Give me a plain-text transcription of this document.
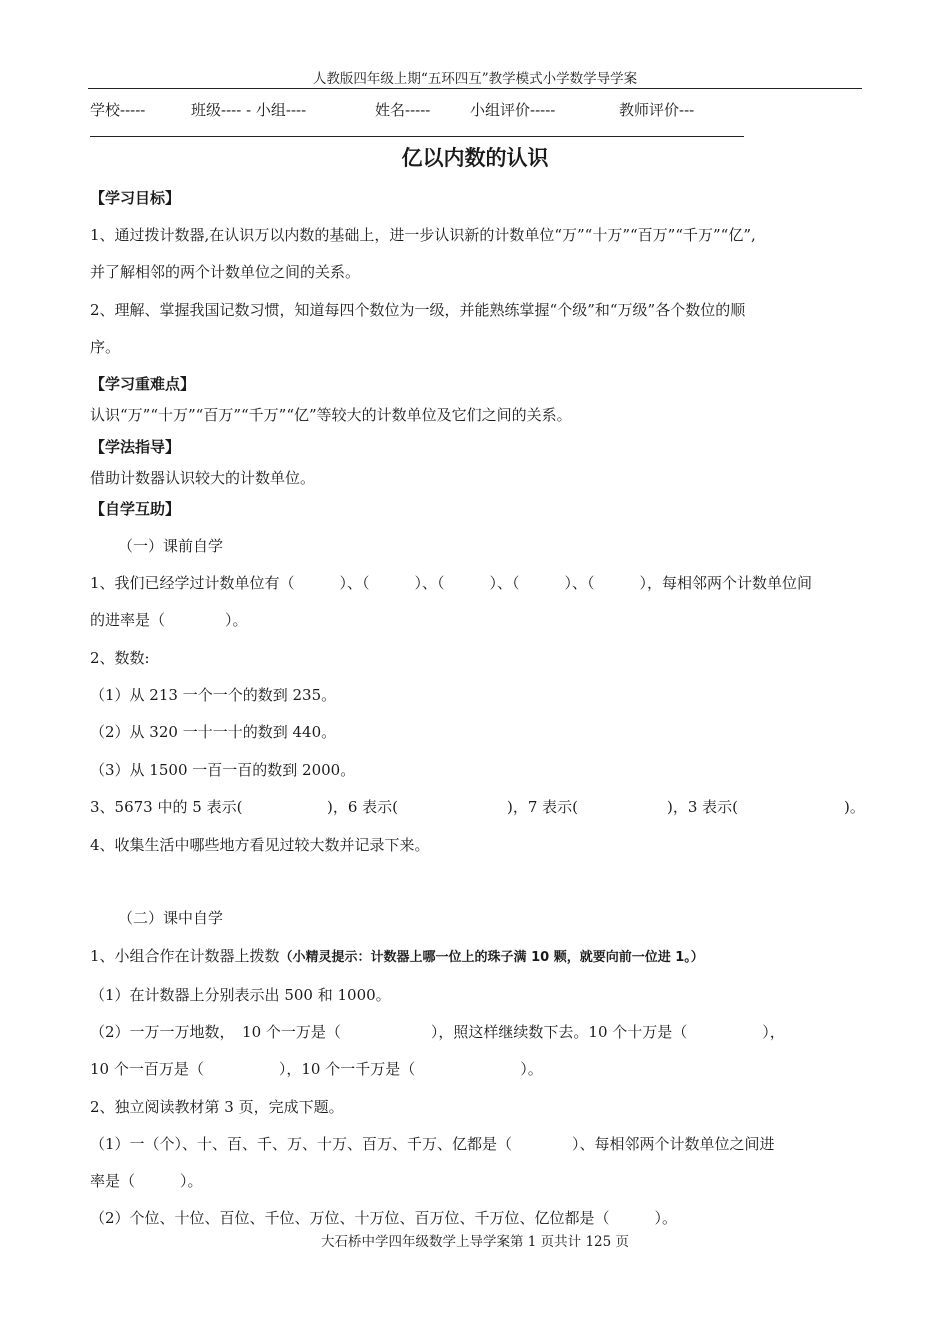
人教版四年级上期“五环四互”教学模式小学数学导学案
学校-----	班级---- - 小组----	姓名-----	小组评价-----	教师评价---
亿以内数的认识
【学习目标】
1、通过拨计数器,在认识万以内数的基础上，进一步认识新的计数单位“万”“十万”“百万”“千万”“亿”,
并了解相邻的两个计数单位之间的关系。
2、理解、掌握我国记数习惯，知道每四个数位为一级，并能熟练掌握“个级”和“万级”各个数位的顺
序。
【学习重难点】
认识“万”“十万”“百万”“千万”“亿”等较大的计数单位及它们之间的关系。
【学法指导】
借助计数器认识较大的计数单位。
【自学互助】
（一）课前自学
1、我们已经学过计数单位有（　　　）、（　　　）、（　　　）、（　　　）、（　　　），每相邻两个计数单位间
的进率是（　　　　）。
2、数数:
（1）从 213 一个一个的数到 235。
（2）从 320 一十一十的数到 440。
（3）从 1500 一百一百的数到 2000。
3、5673 中的 5 表示(	)，6 表示(	)，7 表示(	)，3 表示(	)。
4、收集生活中哪些地方看见过较大数并记录下来。
（二）课中自学
1、小组合作在计数器上拨数（小精灵提示：计数器上哪一位上的珠子满 10 颗，就要向前一位进 1。）
（1）在计数器上分别表示出 500 和 1000。
（2）一万一万地数，　10 个一万是（　　　　　　），照这样继续数下去。10 个十万是（　　　　　），
10 个一百万是（　　　　　），10 个一千万是（　　　　　　　）。
2、独立阅读教材第 3 页，完成下题。
（1）一（个）、十、百、千、万、十万、百万、千万、亿都是（　　　　）、每相邻两个计数单位之间进
率是（　　　）。
（2）个位、十位、百位、千位、万位、十万位、百万位、千万位、亿位都是（　　　）。
大石桥中学四年级数学上导学案第 1 页共计 125 页
